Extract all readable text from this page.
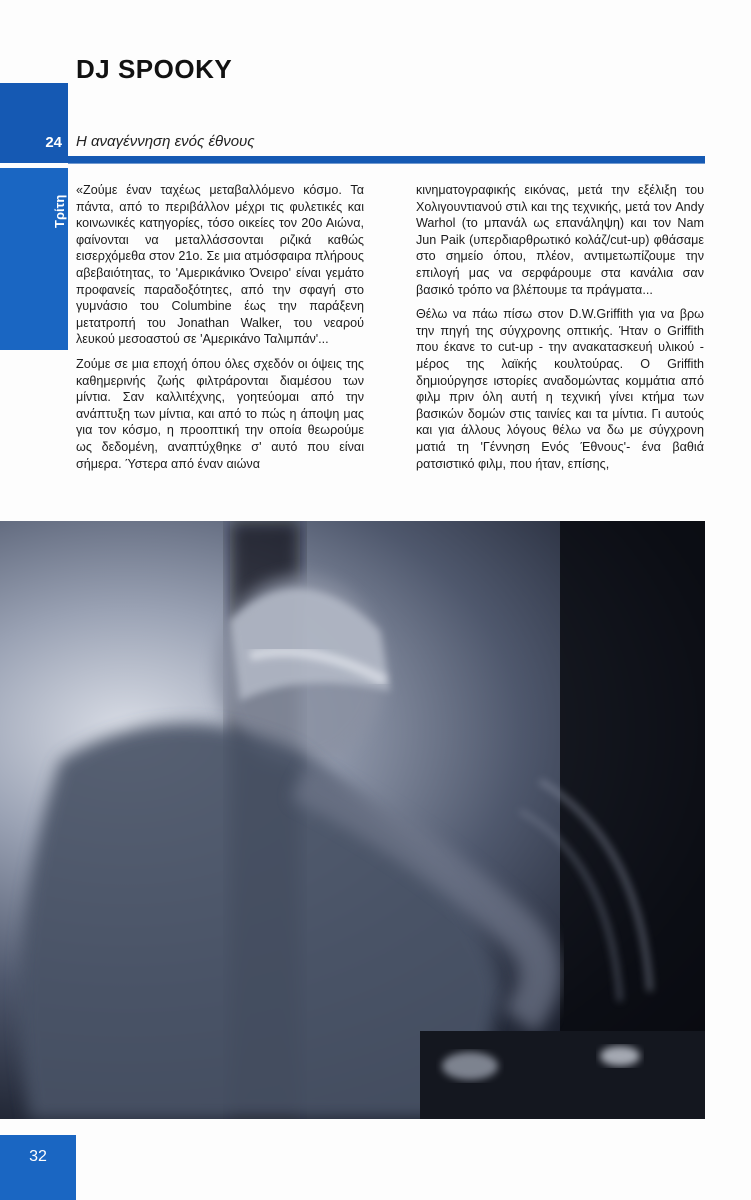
Τρίτη
DJ SPOOKY
24 Η αναγέννηση ενός έθνους

«Ζούμε έναν ταχέως μεταβαλλόμενο κόσμο. Τα πάντα, από το περιβάλλον μέχρι τις φυλετικές και κοινωνικές κατηγορίες, τόσο οικείες τον 20ο Αιώνα, φαίνονται να μεταλλάσσονται ριζικά καθώς εισερχόμεθα στον 21ο. Σε μια ατμόσφαιρα πλήρους αβεβαιότητας, το 'Αμερικάνικο Όνειρο' είναι γεμάτο προφανείς παραδοξότητες, από την σφαγή στο γυμνάσιο του Columbine έως την παράξενη μετατροπή του Jonathan Walker, του νεαρού λευκού μεσοαστού σε 'Αμερικάνο Ταλιμπάν'...

Ζούμε σε μια εποχή όπου όλες σχεδόν οι όψεις της καθημερινής ζωής φιλτράρονται διαμέσου των μίντια. Σαν καλλιτέχνης, γοητεύομαι από την ανάπτυξη των μίντια, και από το πώς η άποψη μας για τον κόσμο, η προοπτική την οποία θεωρούμε ως δεδομένη, αναπτύχθηκε σ' αυτό που είναι σήμερα. Ύστερα από έναν αιώνα

κινηματογραφικής εικόνας, μετά την εξέλιξη του Χολιγουντιανού στιλ και της τεχνικής, μετά τον Andy Warhol (το μπανάλ ως επανάληψη) και τον Nam Jun Paik (υπερδιαρθρωτικό κολάζ/cut-up) φθάσαμε στο σημείο όπου, πλέον, αντιμετωπίζουμε την επιλογή μας να σερφάρουμε στα κανάλια σαν βασικό τρόπο να βλέπουμε τα πράγματα...

Θέλω να πάω πίσω στον D.W.Griffith για να βρω την πηγή της σύγχρονης οπτικής. Ήταν ο Griffith που έκανε το cut-up - την ανακατασκευή υλικού - μέρος της λαϊκής κουλτούρας. Ο Griffith δημιούργησε ιστορίες αναδομώντας κομμάτια από φιλμ πριν όλη αυτή η τεχνική γίνει κτήμα των βασικών δομών στις ταινίες και τα μίντια. Γι αυτούς και για άλλους λόγους θέλω να δω με σύγχρονη ματιά τη 'Γέννηση Ενός Έθνους'- ένα βαθιά ρατσιστικό φιλμ, που ήταν, επίσης,

32
